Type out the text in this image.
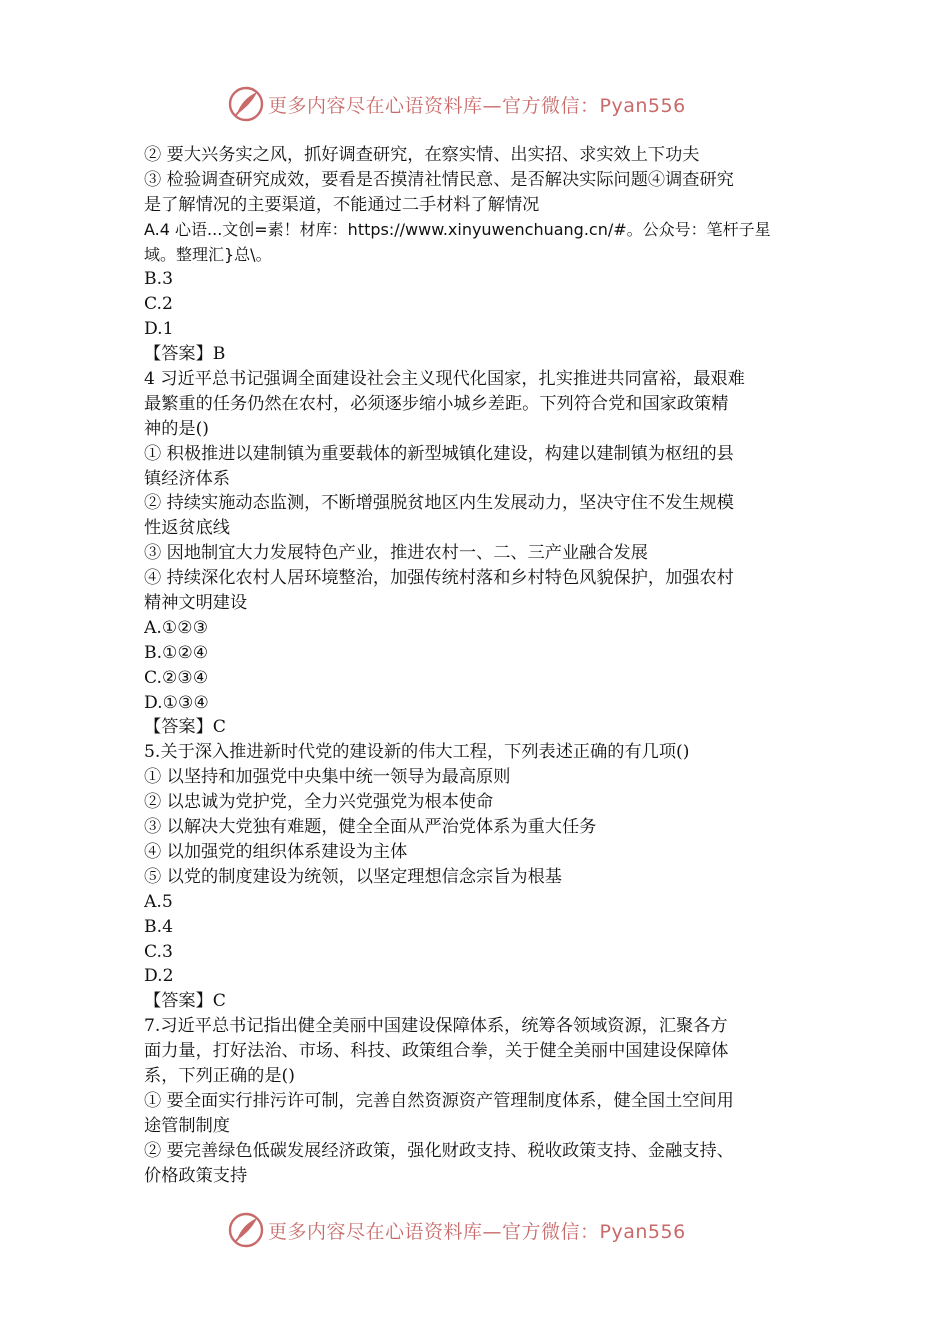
更多内容尽在心语资料库—官方微信：Pyan556
② 要大兴务实之风，抓好调查研究，在察实情、出实招、求实效上下功夫
③ 检验调查研究成效，要看是否摸清社情民意、是否解决实际问题④调查研究
是了解情况的主要渠道，不能通过二手材料了解情况
A.4 心语...文创=素！材库：https://www.xinyuwenchuang.cn/#。公众号：笔杆子星
域。整理汇}总\。
B.3
C.2
D.1
【答案】B
4 习近平总书记强调全面建设社会主义现代化国家，扎实推进共同富裕，最艰难
最繁重的任务仍然在农村，必须逐步缩小城乡差距。下列符合党和国家政策精
神的是()
① 积极推进以建制镇为重要载体的新型城镇化建设，构建以建制镇为枢纽的县
镇经济体系
② 持续实施动态监测，不断增强脱贫地区内生发展动力，坚决守住不发生规模
性返贫底线
③ 因地制宜大力发展特色产业，推进农村一、二、三产业融合发展
④ 持续深化农村人居环境整治，加强传统村落和乡村特色风貌保护，加强农村
精神文明建设
A.①②③
B.①②④
C.②③④
D.①③④
【答案】C
5.关于深入推进新时代党的建设新的伟大工程，下列表述正确的有几项()
① 以坚持和加强党中央集中统一领导为最高原则
② 以忠诚为党护党，全力兴党强党为根本使命
③ 以解决大党独有难题，健全全面从严治党体系为重大任务
④ 以加强党的组织体系建设为主体
⑤ 以党的制度建设为统领，以坚定理想信念宗旨为根基
A.5
B.4
C.3
D.2
【答案】C
7.习近平总书记指出健全美丽中国建设保障体系，统筹各领域资源，汇聚各方
面力量，打好法治、市场、科技、政策组合拳，关于健全美丽中国建设保障体
系，下列正确的是()
① 要全面实行排污许可制，完善自然资源资产管理制度体系，健全国土空间用
途管制制度
② 要完善绿色低碳发展经济政策，强化财政支持、税收政策支持、金融支持、
价格政策支持
更多内容尽在心语资料库—官方微信：Pyan556
